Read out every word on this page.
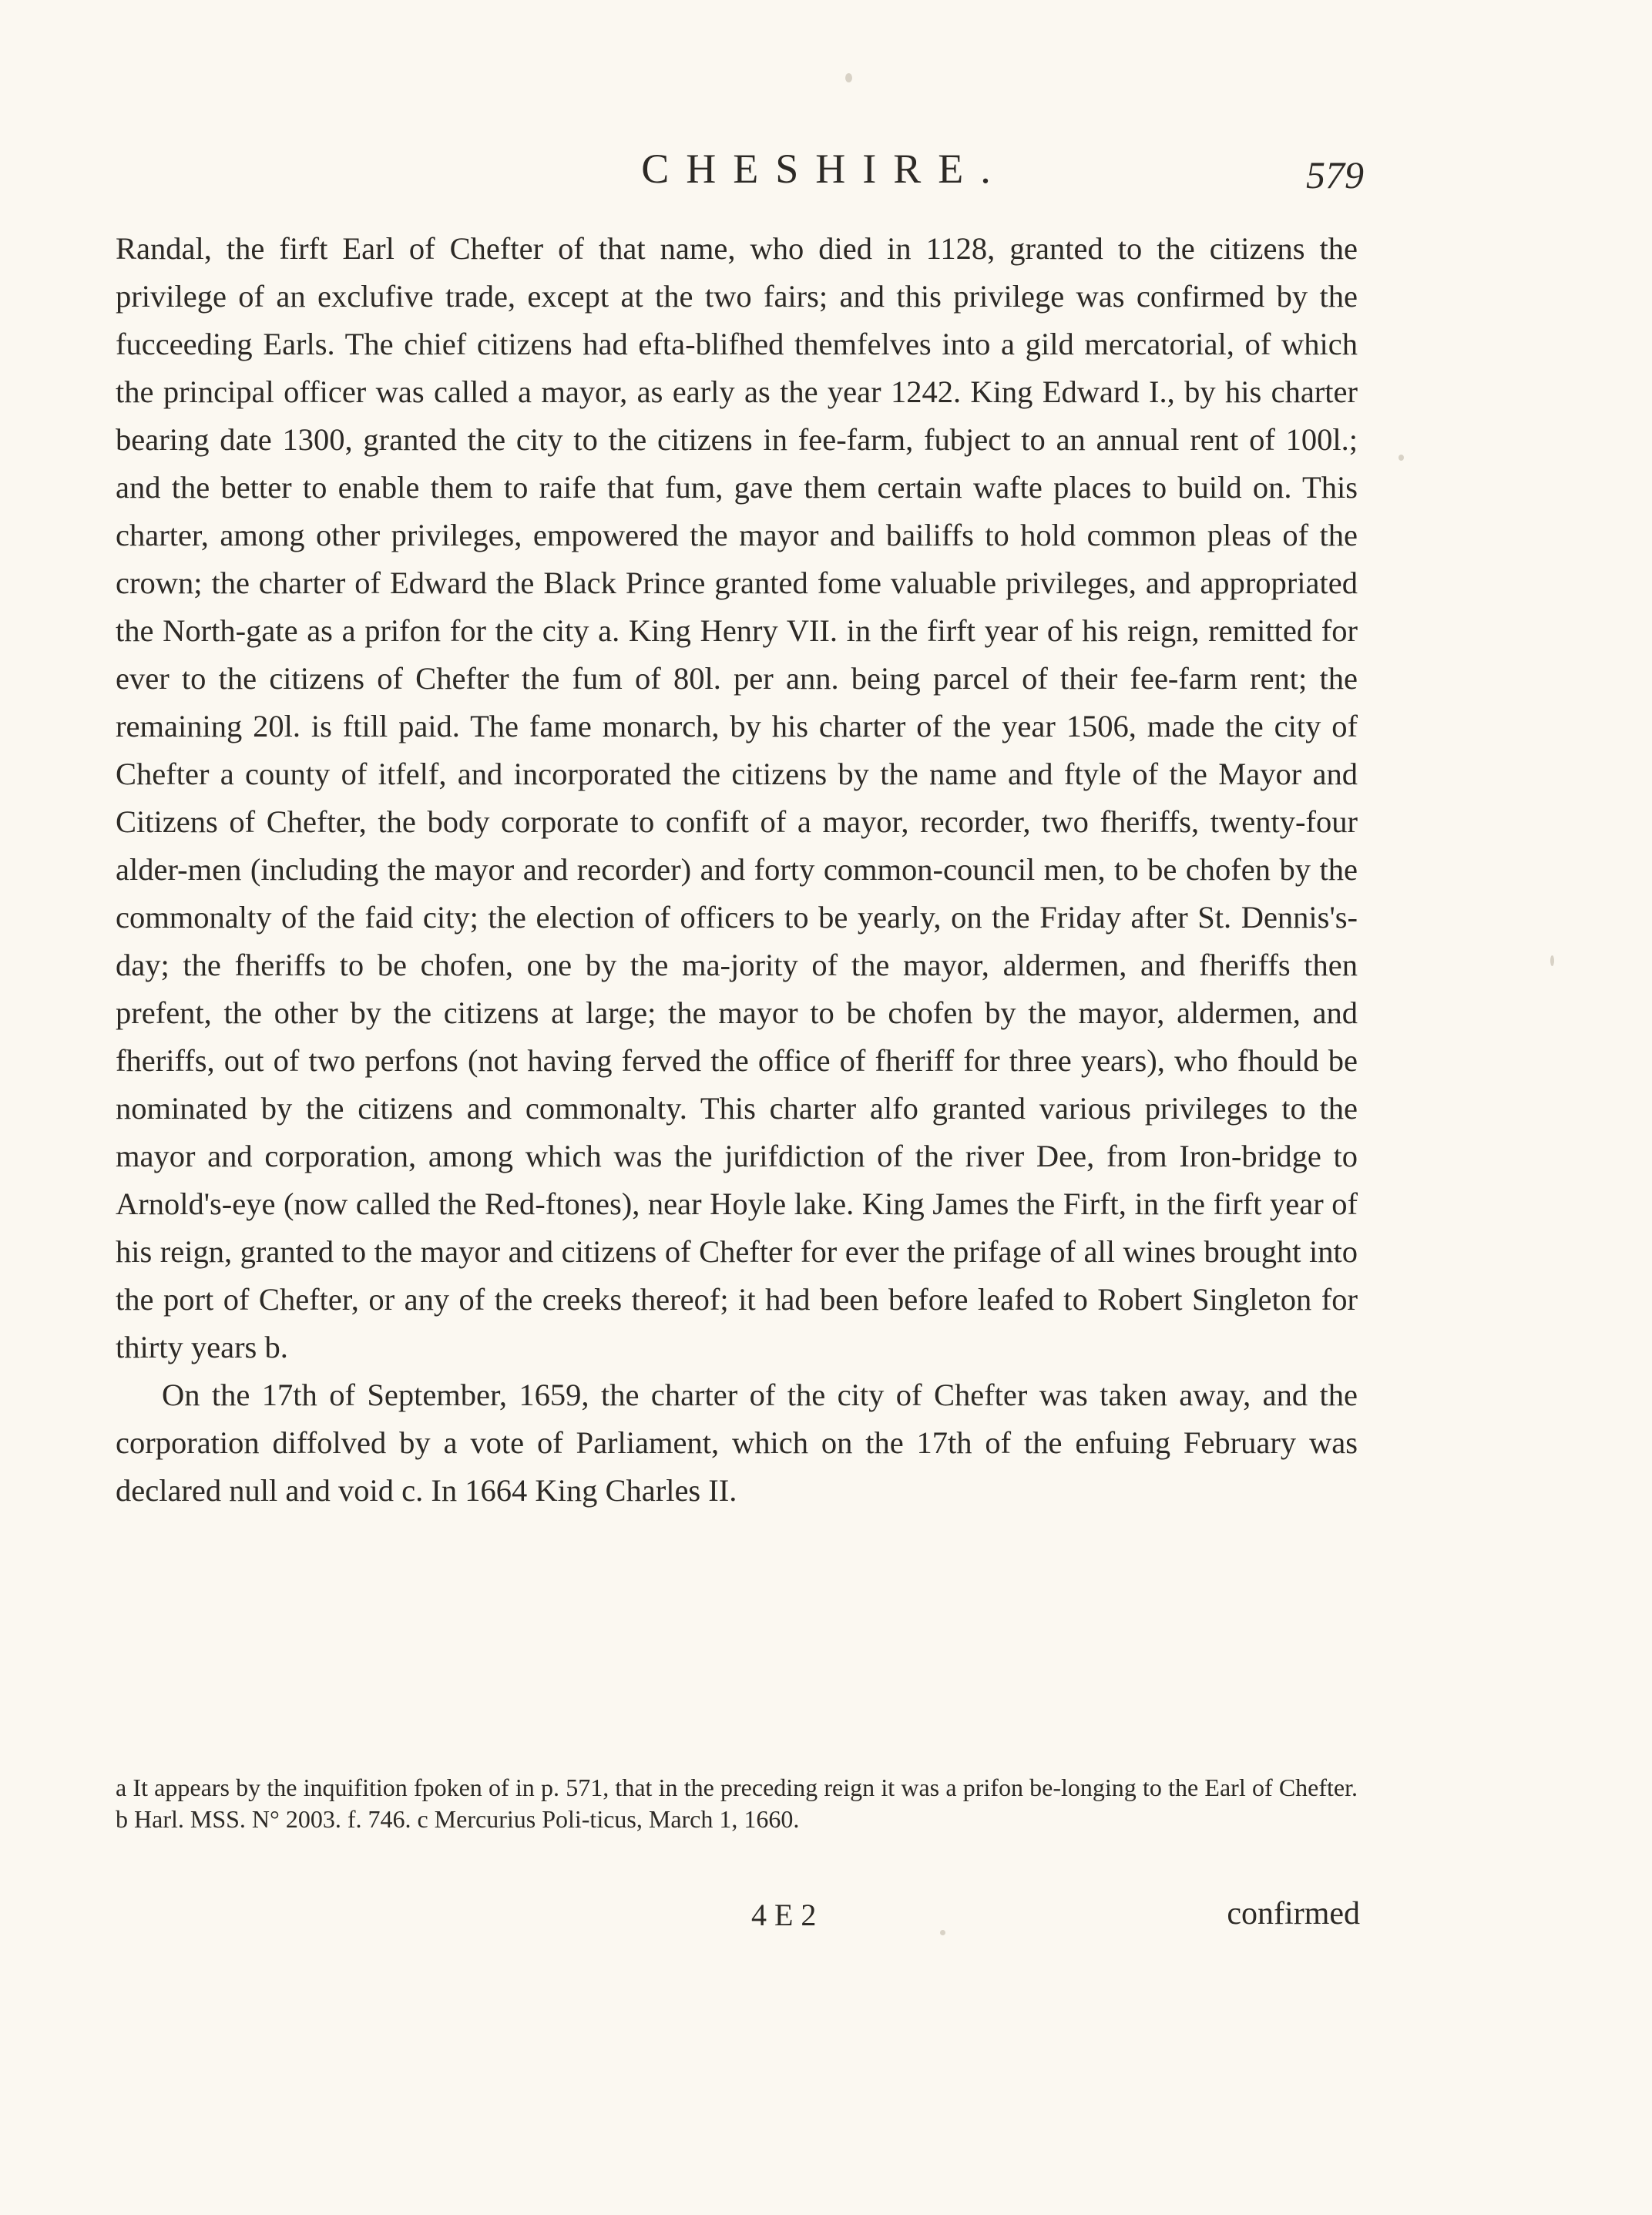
CHESHIRE.	579

Randal, the firft Earl of Chefter of that name, who died in 1128, granted to the citizens the privilege of an exclufive trade, except at the two fairs; and this privilege was confirmed by the fucceeding Earls. The chief citizens had efta-blifhed themfelves into a gild mercatorial, of which the principal officer was called a mayor, as early as the year 1242. King Edward I., by his charter bearing date 1300, granted the city to the citizens in fee-farm, fubject to an annual rent of 100l.; and the better to enable them to raife that fum, gave them certain wafte places to build on. This charter, among other privileges, empowered the mayor and bailiffs to hold common pleas of the crown; the charter of Edward the Black Prince granted fome valuable privileges, and appropriated the North-gate as a prifon for the city a. King Henry VII. in the firft year of his reign, remitted for ever to the citizens of Chefter the fum of 80l. per ann. being parcel of their fee-farm rent; the remaining 20l. is ftill paid. The fame monarch, by his charter of the year 1506, made the city of Chefter a county of itfelf, and incorporated the citizens by the name and ftyle of the Mayor and Citizens of Chefter, the body corporate to confift of a mayor, recorder, two fheriffs, twenty-four alder-men (including the mayor and recorder) and forty common-council men, to be chofen by the commonalty of the faid city; the election of officers to be yearly, on the Friday after St. Dennis's-day; the fheriffs to be chofen, one by the ma-jority of the mayor, aldermen, and fheriffs then prefent, the other by the citizens at large; the mayor to be chofen by the mayor, aldermen, and fheriffs, out of two perfons (not having ferved the office of fheriff for three years), who fhould be nominated by the citizens and commonalty. This charter alfo granted various privileges to the mayor and corporation, among which was the jurifdiction of the river Dee, from Iron-bridge to Arnold's-eye (now called the Red-ftones), near Hoyle lake. King James the Firft, in the firft year of his reign, granted to the mayor and citizens of Chefter for ever the prifage of all wines brought into the port of Chefter, or any of the creeks thereof; it had been before leafed to Robert Singleton for thirty years b.

On the 17th of September, 1659, the charter of the city of Chefter was taken away, and the corporation diffolved by a vote of Parliament, which on the 17th of the enfuing February was declared null and void c. In 1664 King Charles II.

a It appears by the inquifition fpoken of in p. 571, that in the preceding reign it was a prifon be-longing to the Earl of Chefter. b Harl. MSS. N° 2003. f. 746. c Mercurius Poli-ticus, March 1, 1660.
4 E 2	confirmed
